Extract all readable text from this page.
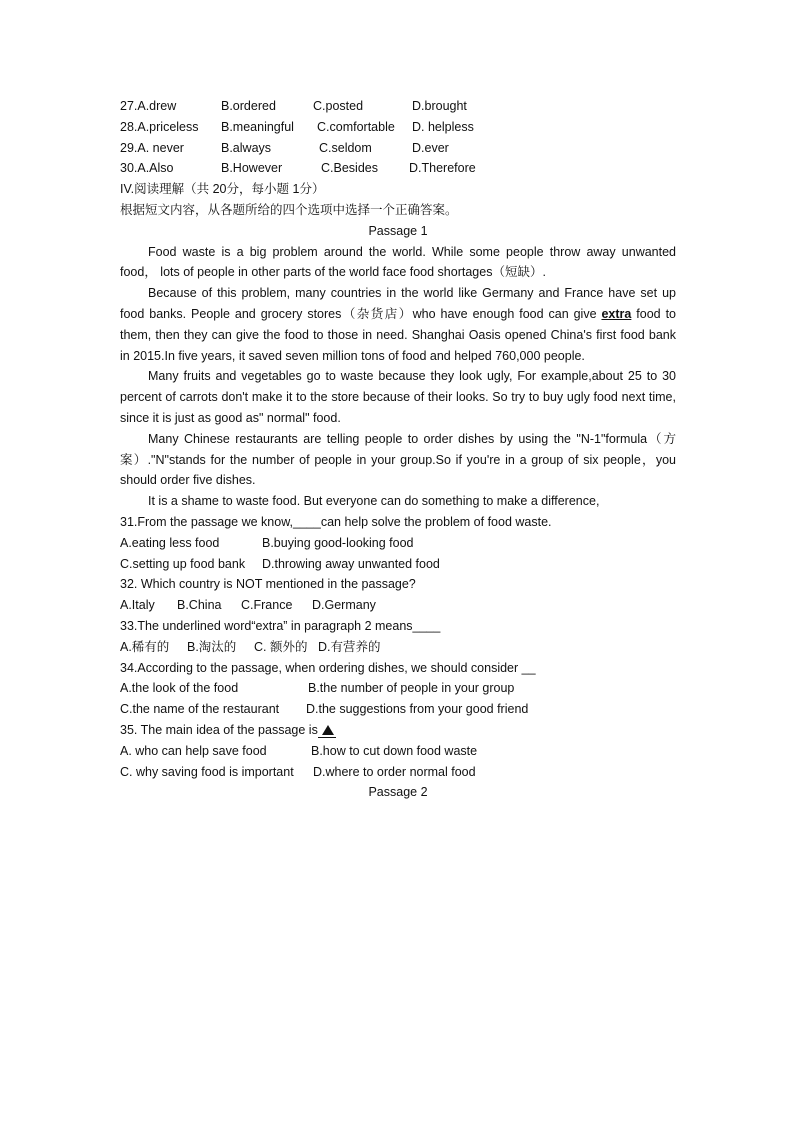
27.A.drew	B.ordered	C.posted	D.brought
28.A.priceless	B.meaningful	C.comfortable	D. helpless
29.A. never	B.always	C.seldom	D.ever
30.A.Also	B.However	C.Besides	D.Therefore
IV.阅读理解（共 20分，每小题 1分）
根据短文内容，从各题所给的四个选项中选择一个正确答案。
Passage 1

Food waste is a big problem around the world. While some people throw away unwanted food， lots of people in other parts of the world face food shortages（短缺）.

Because of this problem, many countries in the world like Germany and France have set up food banks. People and grocery stores（杂货店）who have enough food can give extra food to them, then they can give the food to those in need. Shanghai Oasis opened China's first food bank in 2015.In five years, it saved seven million tons of food and helped 760,000 people.

Many fruits and vegetables go to waste because they look ugly, For example,about 25 to 30 percent of carrots don't make it to the store because of their looks. So try to buy ugly food next time, since it is just as good as" normal" food.

Many Chinese restaurants are telling people to order dishes by using the "N-1"formula（方案）."N"stands for the number of people in your group.So if you're in a group of six people，you should order five dishes.

It is a shame to waste food. But everyone can do something to make a difference,

31.From the passage we know,____can help solve the problem of food waste.
A.eating less food	B.buying good-looking food
C.setting up food bank	D.throwing away unwanted food
32. Which country is NOT mentioned in the passage?
A.Italy	B.China	C.France	D.Germany
33.The underlined word“extra” in paragraph 2 means____
A.稀有的	B.淘汰的	C. 额外的 D.有营养的
34.According to the passage, when ordering dishes, we should consider __
A.the look of the food	B.the number of people in your group
C.the name of the restaurant	D.the suggestions from your good friend
35. The main idea of the passage is
A. who can help save food	B.how to cut down food waste
C. why saving food is important	D.where to order normal food
Passage 2
